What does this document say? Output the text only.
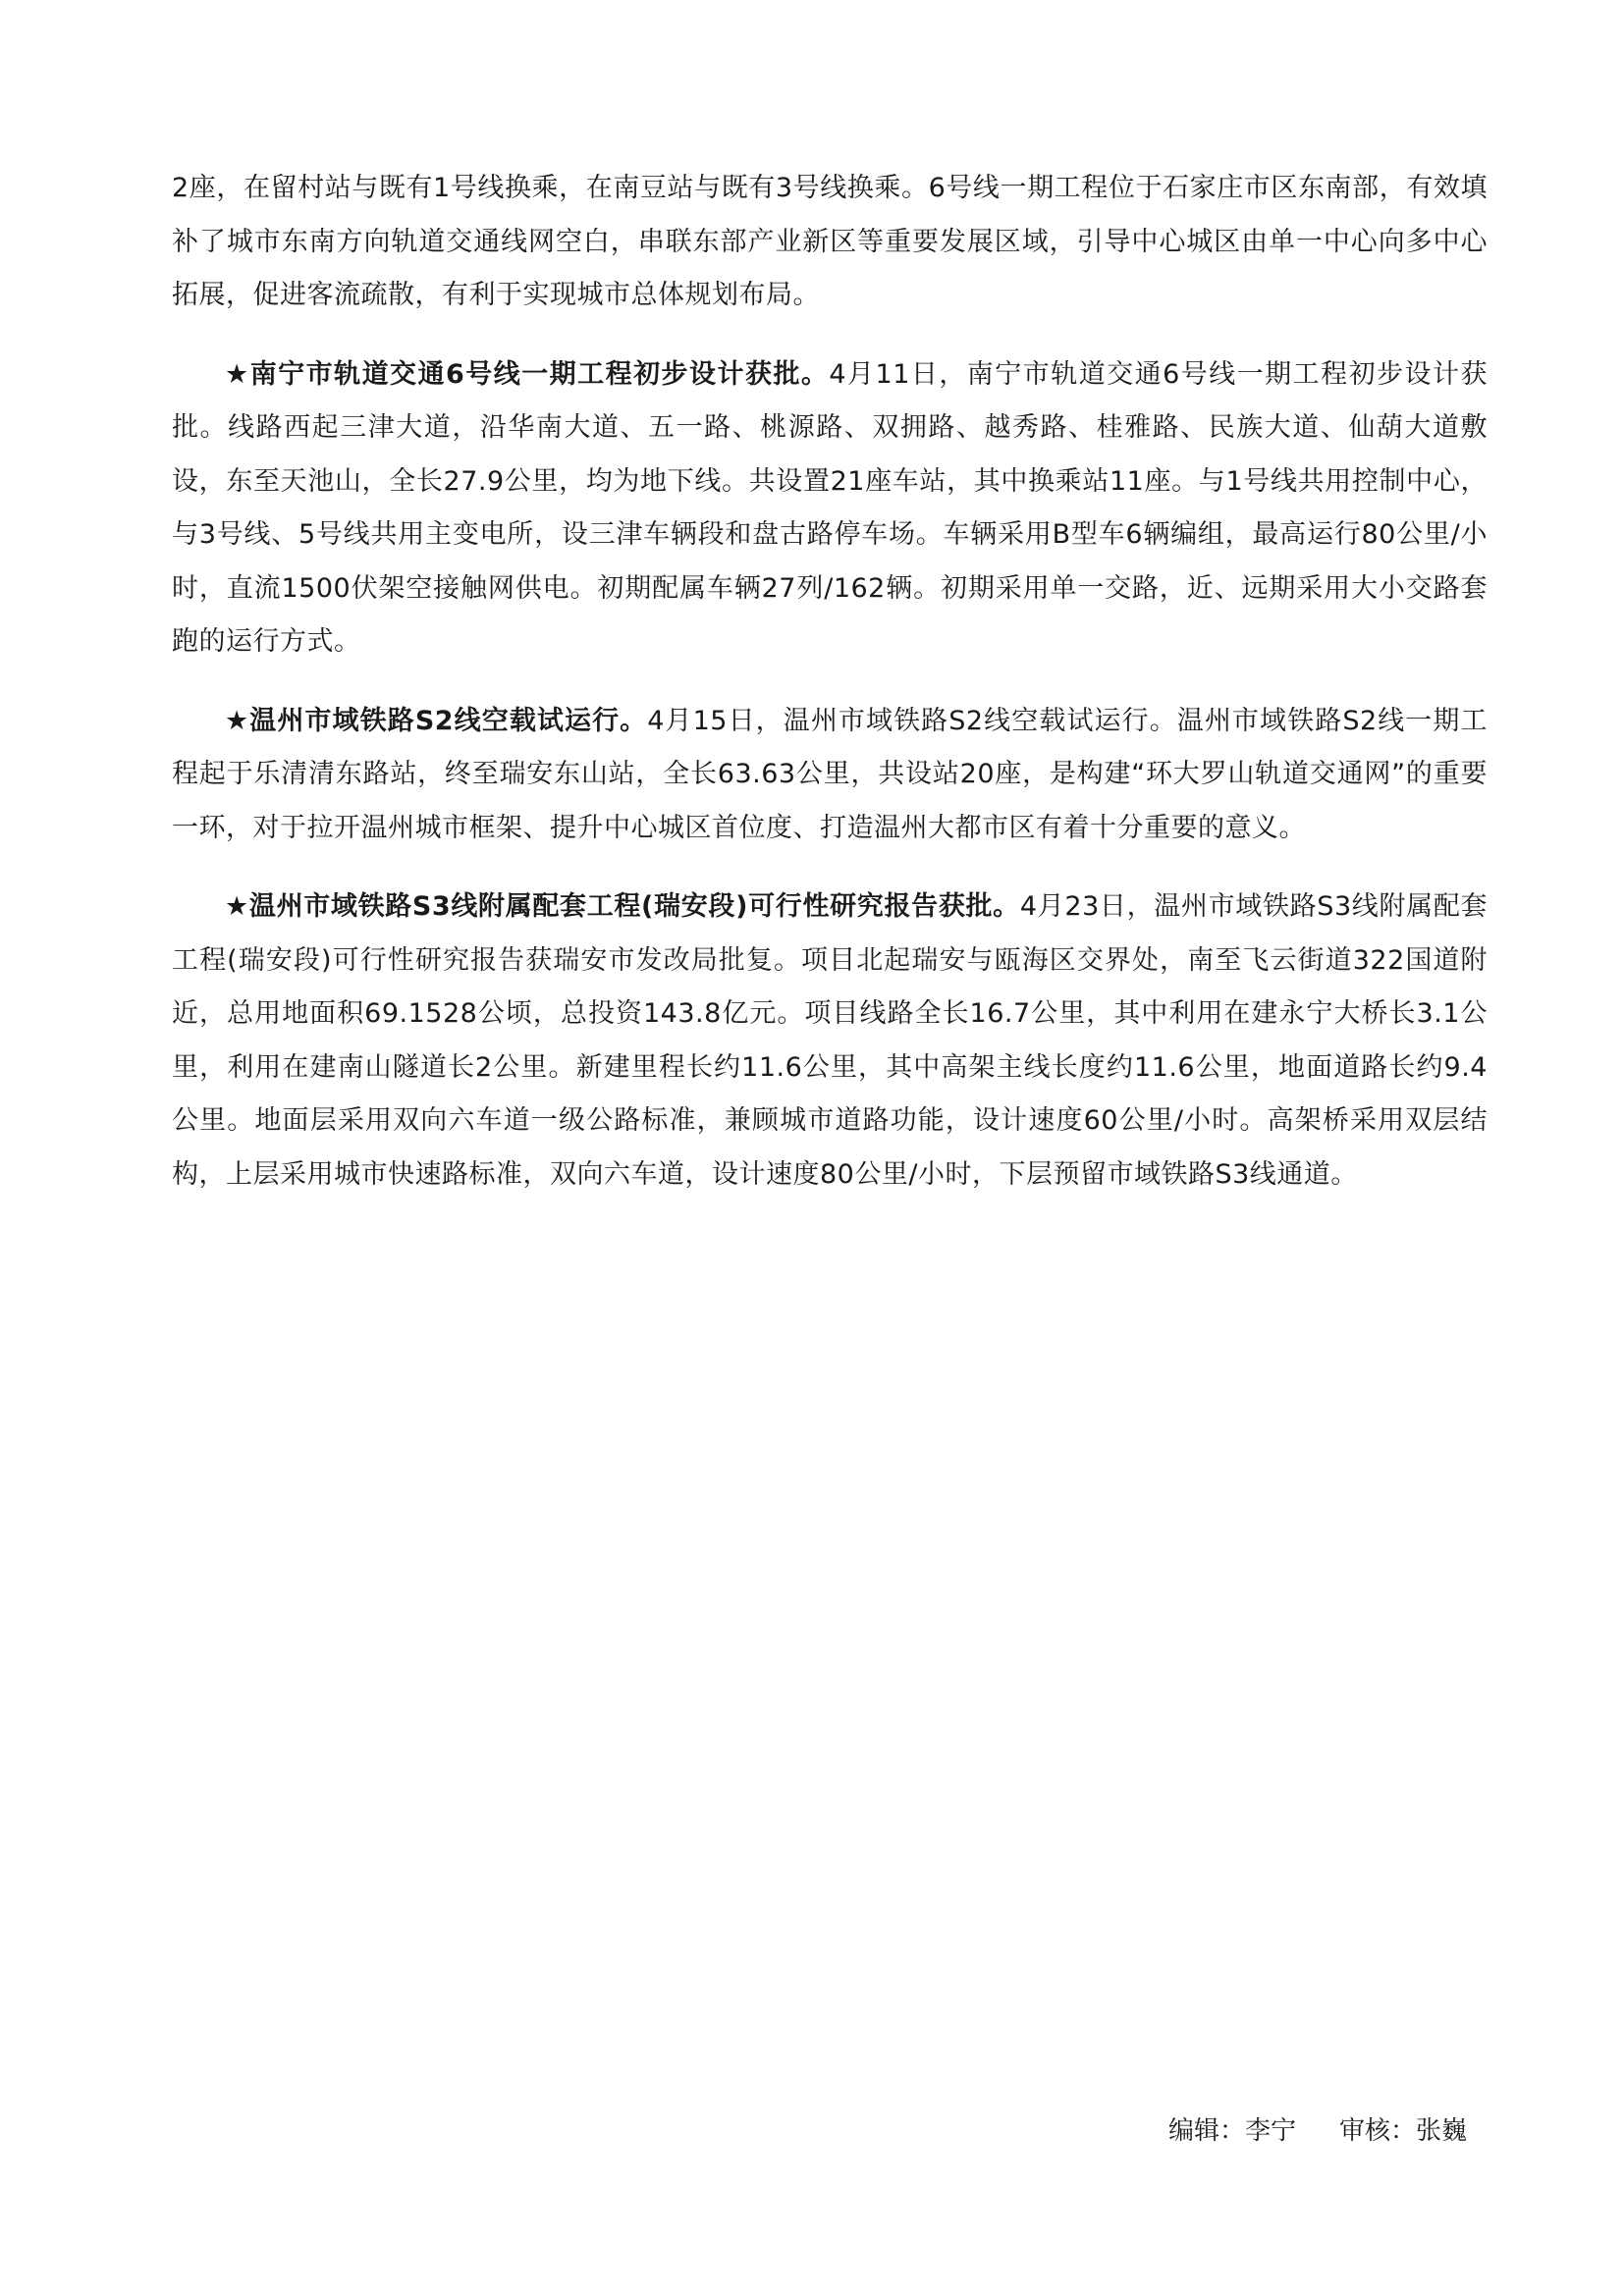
2座，在留村站与既有1号线换乘，在南豆站与既有3号线换乘。6号线一期工程位于石家庄市区东南部，有效填补了城市东南方向轨道交通线网空白，串联东部产业新区等重要发展区域，引导中心城区由单一中心向多中心拓展，促进客流疏散，有利于实现城市总体规划布局。

★南宁市轨道交通6号线一期工程初步设计获批。4月11日，南宁市轨道交通6号线一期工程初步设计获批。线路西起三津大道，沿华南大道、五一路、桃源路、双拥路、越秀路、桂雅路、民族大道、仙葫大道敷设，东至天池山，全长27.9公里，均为地下线。共设置21座车站，其中换乘站11座。与1号线共用控制中心，与3号线、5号线共用主变电所，设三津车辆段和盘古路停车场。车辆采用B型车6辆编组，最高运行80公里/小时，直流1500伏架空接触网供电。初期配属车辆27列/162辆。初期采用单一交路，近、远期采用大小交路套跑的运行方式。

★温州市域铁路S2线空载试运行。4月15日，温州市域铁路S2线空载试运行。温州市域铁路S2线一期工程起于乐清清东路站，终至瑞安东山站，全长63.63公里，共设站20座，是构建“环大罗山轨道交通网”的重要一环，对于拉开温州城市框架、提升中心城区首位度、打造温州大都市区有着十分重要的意义。

★温州市域铁路S3线附属配套工程(瑞安段)可行性研究报告获批。4月23日，温州市域铁路S3线附属配套工程(瑞安段)可行性研究报告获瑞安市发改局批复。项目北起瑞安与瓯海区交界处，南至飞云街道322国道附近，总用地面积69.1528公顷，总投资143.8亿元。项目线路全长16.7公里，其中利用在建永宁大桥长3.1公里，利用在建南山隧道长2公里。新建里程长约11.6公里，其中高架主线长度约11.6公里，地面道路长约9.4公里。地面层采用双向六车道一级公路标准，兼顾城市道路功能，设计速度60公里/小时。高架桥采用双层结构，上层采用城市快速路标准，双向六车道，设计速度80公里/小时，下层预留市域铁路S3线通道。

编辑：李宁 审核：张巍
